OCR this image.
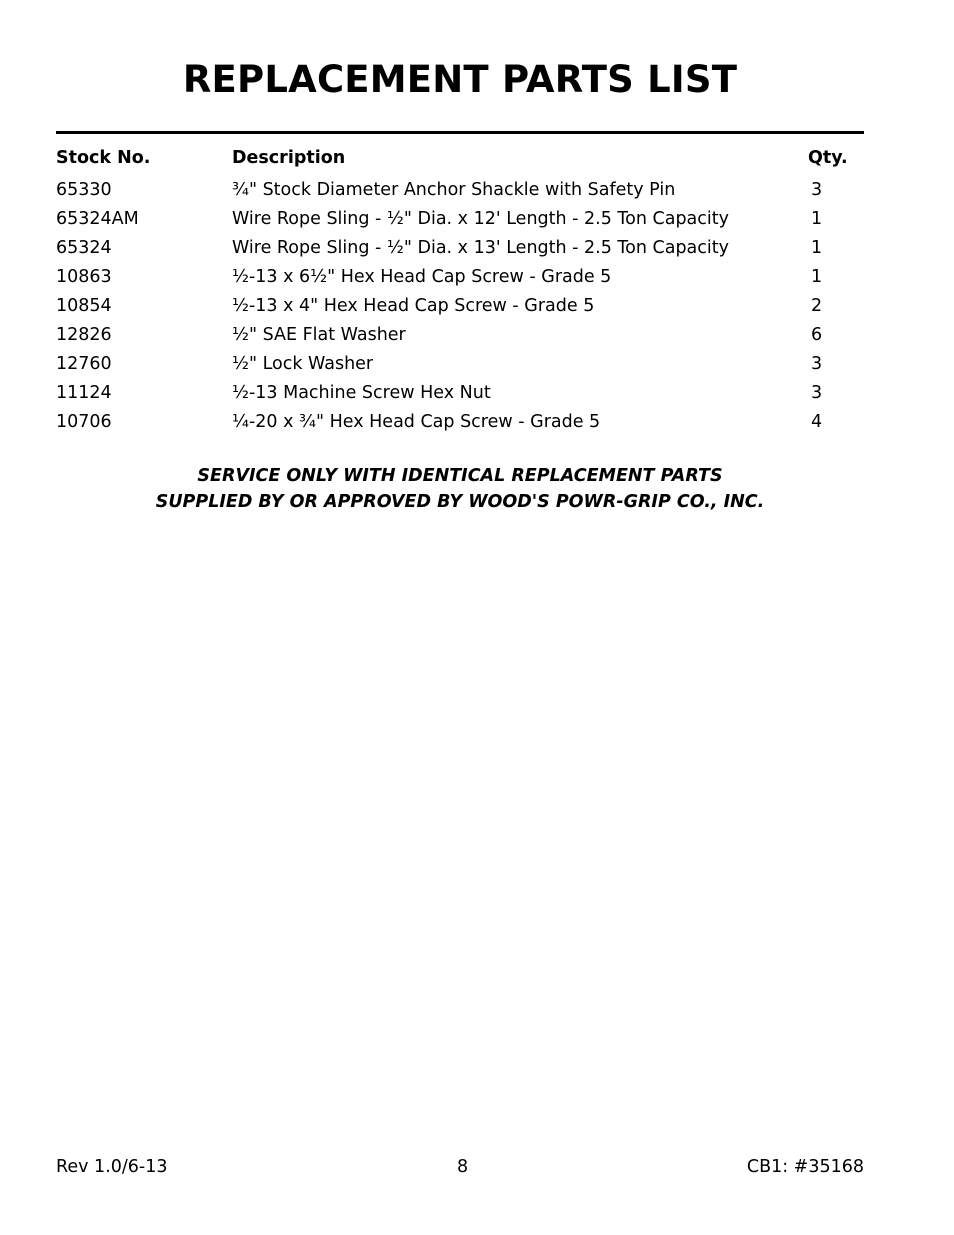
REPLACEMENT PARTS LIST
Stock No.	Description	Qty.
65330	¾" Stock Diameter Anchor Shackle with Safety Pin	3
65324AM	Wire Rope Sling - ½" Dia. x 12' Length - 2.5 Ton Capacity	1
65324	Wire Rope Sling - ½" Dia. x 13' Length - 2.5 Ton Capacity	1
10863	½-13 x 6½" Hex Head Cap Screw - Grade 5	1
10854	½-13 x 4" Hex Head Cap Screw - Grade 5	2
12826	½" SAE Flat Washer	6
12760	½" Lock Washer	3
11124	½-13 Machine Screw Hex Nut	3
10706	¼-20 x ¾" Hex Head Cap Screw - Grade 5	4
SERVICE ONLY WITH IDENTICAL REPLACEMENT PARTS
SUPPLIED BY OR APPROVED BY WOOD'S POWR-GRIP CO., INC.
Rev 1.0/6-13	8	CB1: #35168
